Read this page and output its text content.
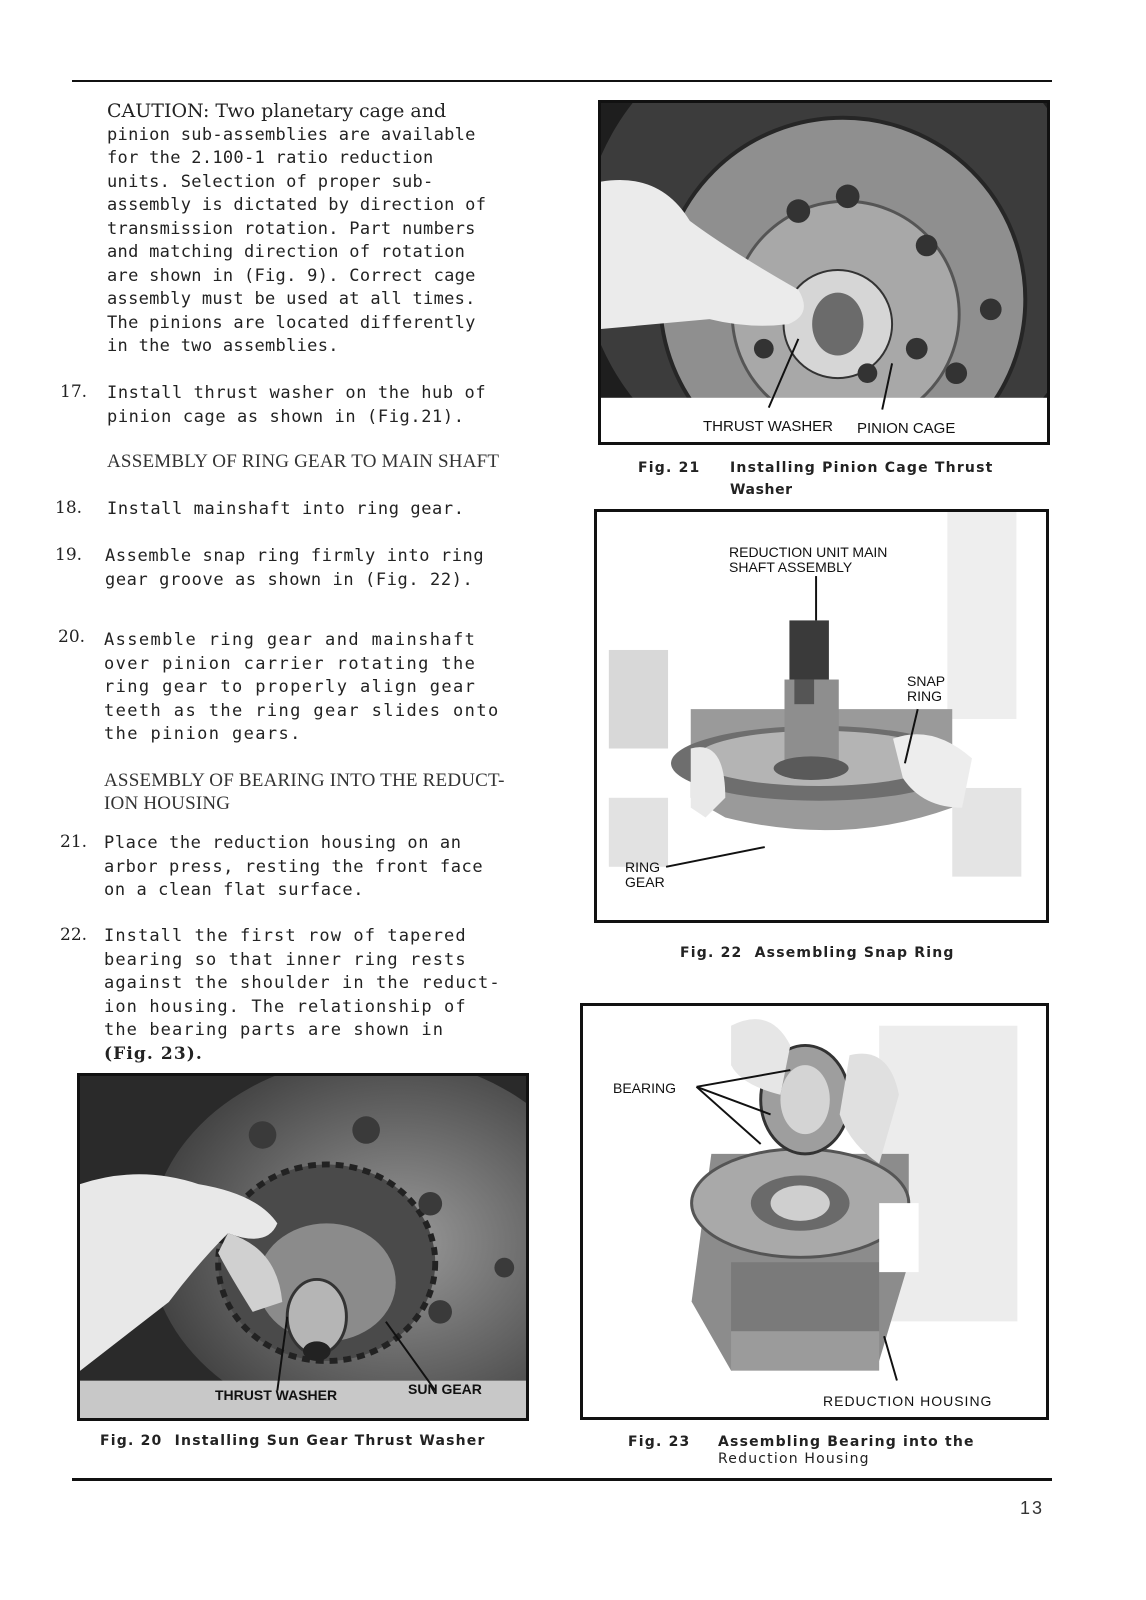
CAUTION: Two planetary cage and
pinion sub-assemblies are available
for the 2.100-1 ratio reduction
units. Selection of proper sub-
assembly is dictated by direction of
transmission rotation. Part numbers
and matching direction of rotation
are shown in (Fig. 9). Correct cage
assembly must be used at all times.
The pinions are located differently
in the two assemblies.
17. Install thrust washer on the hub of
pinion cage as shown in (Fig.21).
ASSEMBLY OF RING GEAR TO MAIN SHAFT
18. Install mainshaft into ring gear.
19. Assemble snap ring firmly into ring
gear groove as shown in (Fig. 22).
20. Assemble ring gear and mainshaft
over pinion carrier rotating the
ring gear to properly align gear
teeth as the ring gear slides onto
the pinion gears.
ASSEMBLY OF BEARING INTO THE REDUCT-
ION HOUSING
21. Place the reduction housing on an
arbor press, resting the front face
on a clean flat surface.
22. Install the first row of tapered
bearing so that inner ring rests
against the shoulder in the reduct-
ion housing. The relationship of
the bearing parts are shown in
(Fig. 23).
THRUST WASHER	SUN GEAR
Fig. 20 Installing Sun Gear Thrust Washer
THRUST WASHER PINION CAGE
Fig. 21 Installing Pinion Cage Thrust
Washer
REDUCTION UNIT MAIN
SHAFT ASSEMBLY
SNAP
RING
RING
GEAR
Fig. 22 Assembling Snap Ring
BEARING
REDUCTION HOUSING
Fig. 23 Assembling Bearing into the
Reduction Housing
13
